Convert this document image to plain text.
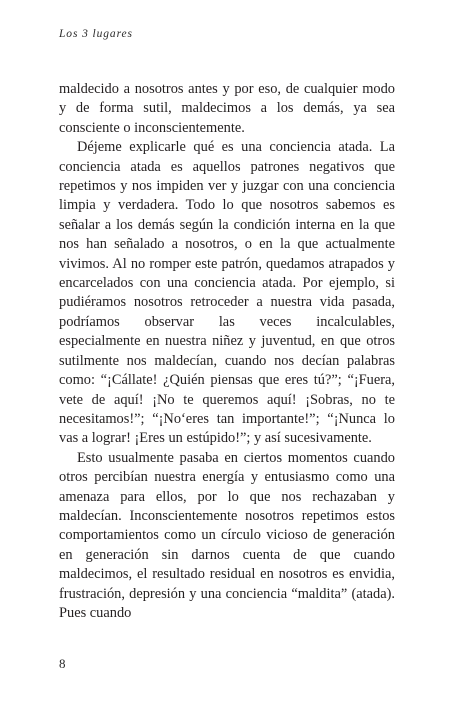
Los 3 lugares

maldecido a nosotros antes y por eso, de cualquier modo y de forma sutil, maldecimos a los demás, ya sea consciente o inconscientemente.

Déjeme explicarle qué es una conciencia atada. La conciencia atada es aquellos patrones negativos que repetimos y nos impiden ver y juzgar con una conciencia limpia y verdadera. Todo lo que nosotros sabemos es señalar a los demás según la condición interna en la que nos han señalado a nosotros, o en la que actualmente vivimos. Al no romper este patrón, quedamos atrapados y encarcelados con una conciencia atada. Por ejemplo, si pudiéramos nosotros retroceder a nuestra vida pasada, podríamos observar las veces incalculables, especialmente en nuestra niñez y juventud, en que otros sutilmente nos maldecían, cuando nos decían palabras como: “¡Cállate! ¿Quién piensas que eres tú?”; “¡Fuera, vete de aquí! ¡No te queremos aquí! ¡Sobras, no te necesitamos!”; “¡No‘eres tan importante!”; “¡Nunca lo vas a lograr! ¡Eres un estúpido!”; y así sucesivamente.

Esto usualmente pasaba en ciertos momentos cuando otros percibían nuestra energía y entusiasmo como una amenaza para ellos, por lo que nos rechazaban y maldecían. Inconscientemente nosotros repetimos estos comportamientos como un círculo vicioso de generación en generación sin darnos cuenta de que cuando maldecimos, el resultado residual en nosotros es envidia, frustración, depresión y una conciencia “maldita” (atada). Pues cuando

8
